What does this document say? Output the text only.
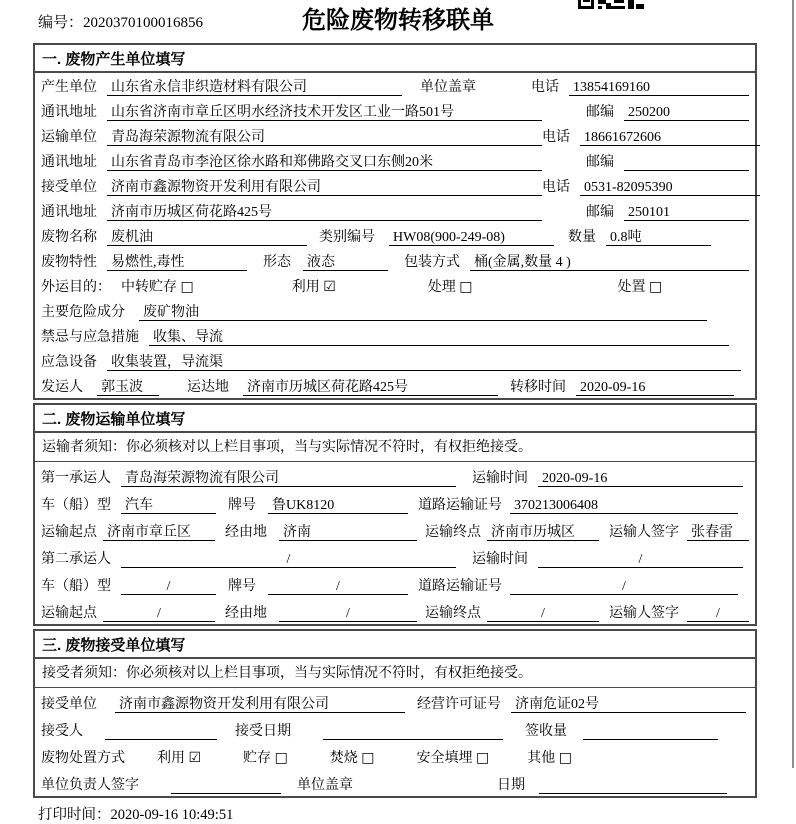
编号：2020370100016856	危险废物转移联单
一. 废物产生单位填写
产生单位 山东省永信非织造材料有限公司	单位盖章	电话 13854169160
通讯地址 山东省济南市章丘区明水经济技术开发区工业一路501号	邮编 250200
运输单位 青岛海荣源物流有限公司	电话 18661672606
通讯地址 山东省青岛市李沧区徐水路和郑佛路交叉口东侧20米	邮编
接受单位 济南市鑫源物资开发利用有限公司	电话 0531-82095390
通讯地址 济南市历城区荷花路425号	邮编 250101
废物名称 废机油	类别编号 HW08(900-249-08)	数量 0.8吨
废物特性 易燃性,毒性	形态 液态	包装方式 桶(金属,数量 4 )
外运目的： 中转贮存 □	利用 ☑	处理 □	处置 □
主要危险成分 废矿物油
禁忌与应急措施 收集、导流
应急设备 收集装置，导流渠
发运人 郭玉波	运达地 济南市历城区荷花路425号	转移时间 2020-09-16
二. 废物运输单位填写
运输者须知：你必须核对以上栏目事项，当与实际情况不符时，有权拒绝接受。
第一承运人 青岛海荣源物流有限公司	运输时间 2020-09-16
车（船）型 汽车	牌号 鲁UK8120	道路运输证号 370213006408
运输起点 济南市章丘区	经由地 济南	运输终点 济南市历城区	运输人签字 张春雷
第二承运人	/	运输时间	/
车（船）型	/	牌号	/	道路运输证号	/
运输起点	/	经由地	/	运输终点	/	运输人签字	/
三. 废物接受单位填写
接受者须知：你必须核对以上栏目事项，当与实际情况不符时，有权拒绝接受。
接受单位 济南市鑫源物资开发利用有限公司	经营许可证号 济南危证02号
接受人	接受日期	签收量
废物处置方式 利用 ☑	贮存 □	焚烧 □	安全填埋 □	其他 □
单位负责人签字	单位盖章	日期
打印时间：2020-09-16 10:49:51
